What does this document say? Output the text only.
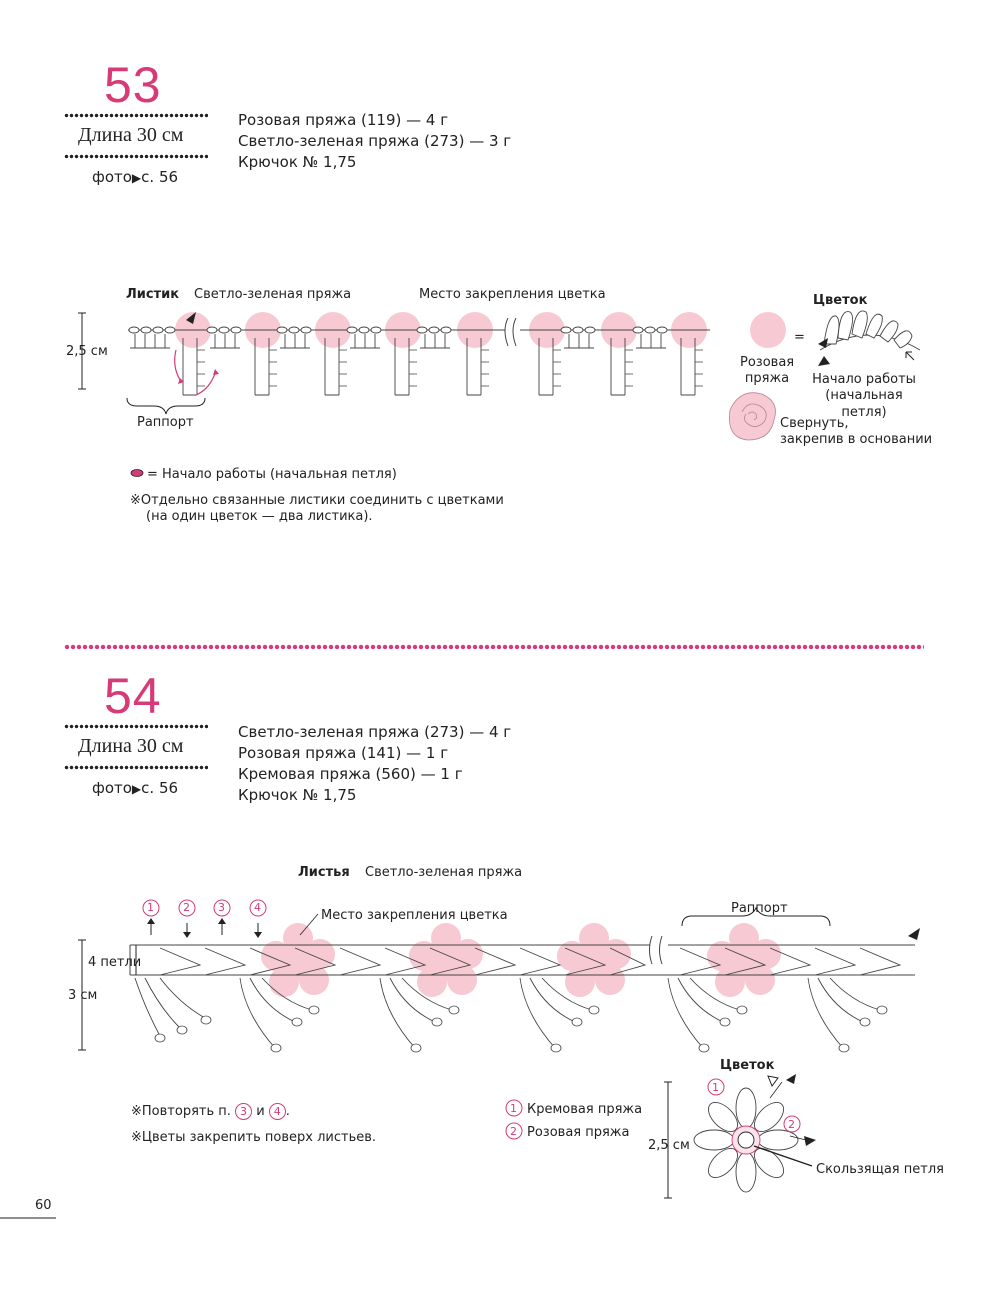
53
Длина 30 см
фото▶с. 56
Розовая пряжа (119) — 4 г
Светло-зеленая пряжа (273) — 3 г
Крючок № 1,75
Листик Светло-зеленая пряжа	Место закрепления цветка
2,5 см
Раппорт
Цветок
=
Розовая пряжа	Начало работы
(начальная петля)
Свернуть,
закрепив в основании
= Начало работы (начальная петля)
※Отдельно связанные листики соединить с цветками
(на один цветок — два листика).
54
Длина 30 см
фото▶с. 56
Светло-зеленая пряжа (273) — 4 г
Розовая пряжа (141) — 1 г
Кремовая пряжа (560) — 1 г
Крючок № 1,75
Листья Светло-зеленая пряжа
Место закрепления цветка	Раппорт
1	2	3	4
4 петли
3 см
※Повторять п. 3 и 4 .
※Цветы закрепить поверх листьев.
1 Кремовая пряжа
2 Розовая пряжа
Цветок
2,5 см
Скользящая петля
1
2
60
